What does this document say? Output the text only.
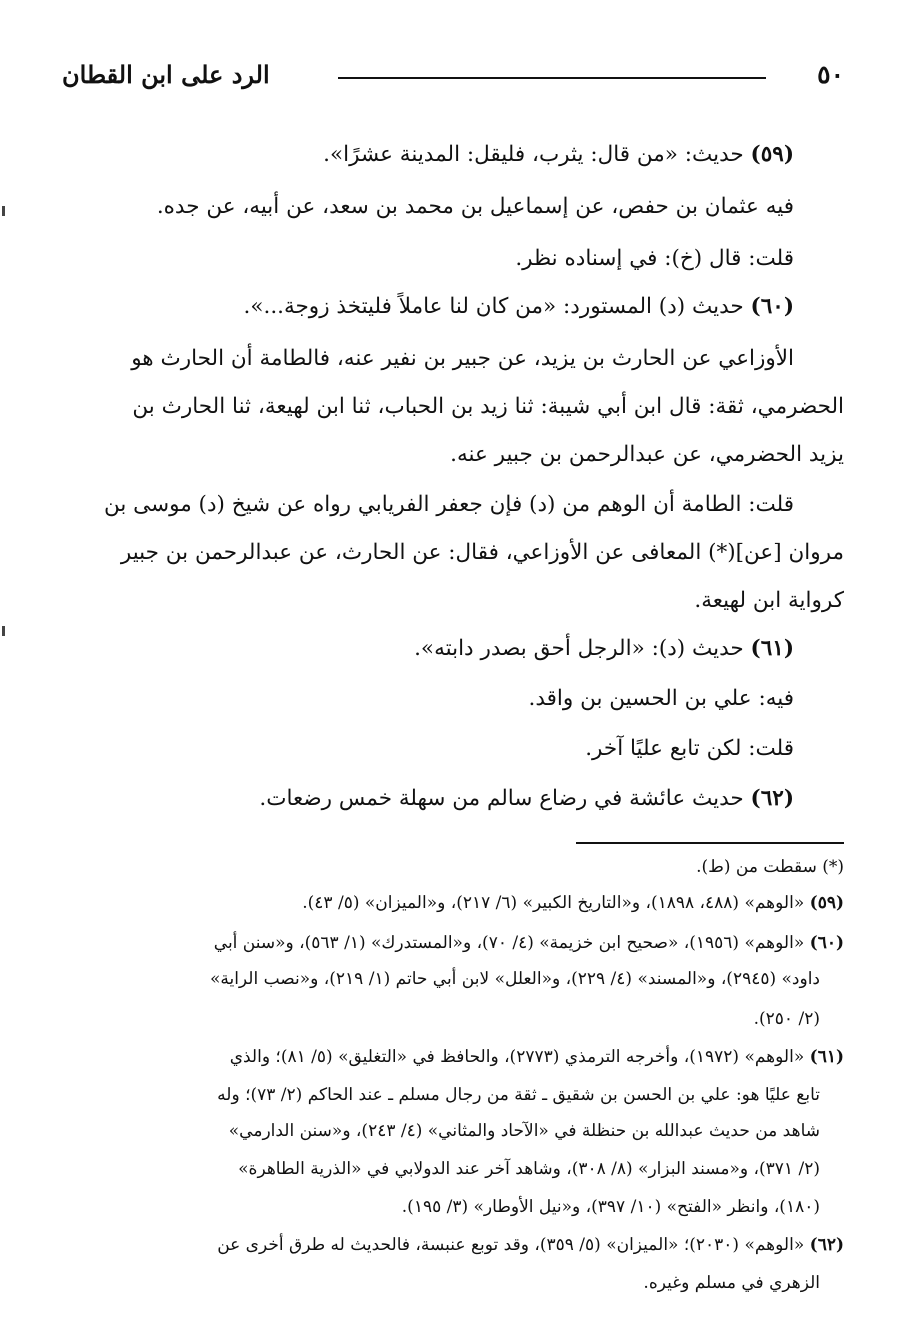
٥٠
الرد على ابن القطان
(٥٩) حديث: «من قال: يثرب، فليقل: المدينة عشرًا».
فيه عثمان بن حفص، عن إسماعيل بن محمد بن سعد، عن أبيه، عن جده.
قلت: قال (خ): في إسناده نظر.
(٦٠) حديث (د) المستورد: «من كان لنا عاملاً فليتخذ زوجة...».
الأوزاعي عن الحارث بن يزيد، عن جبير بن نفير عنه، فالطامة أن الحارث هو
الحضرمي، ثقة: قال ابن أبي شيبة: ثنا زيد بن الحباب، ثنا ابن لهيعة، ثنا الحارث بن
يزيد الحضرمي، عن عبدالرحمن بن جبير عنه.
قلت: الطامة أن الوهم من (د) فإن جعفر الفريابي رواه عن شيخ (د) موسى بن
مروان [عن](*) المعافى عن الأوزاعي، فقال: عن الحارث، عن عبدالرحمن بن جبير
كرواية ابن لهيعة.
(٦١) حديث (د): «الرجل أحق بصدر دابته».
فيه: علي بن الحسين بن واقد.
قلت: لكن تابع عليًا آخر.
(٦٢) حديث عائشة في رضاع سالم من سهلة خمس رضعات.
(*) سقطت من (ط).
(٥٩) «الوهم» (٤٨٨، ١٨٩٨)، و«التاريخ الكبير» (٦/ ٢١٧)، و«الميزان» (٥/ ٤٣).
(٦٠) «الوهم» (١٩٥٦)، «صحيح ابن خزيمة» (٤/ ٧٠)، و«المستدرك» (١/ ٥٦٣)، و«سنن أبي
داود» (٢٩٤٥)، و«المسند» (٤/ ٢٢٩)، و«العلل» لابن أبي حاتم (١/ ٢١٩)، و«نصب الراية»
(٢/ ٢٥٠).
(٦١) «الوهم» (١٩٧٢)، وأخرجه الترمذي (٢٧٧٣)، والحافظ في «التغليق» (٥/ ٨١)؛ والذي
تابع عليًا هو: علي بن الحسن بن شقيق ـ ثقة من رجال مسلم ـ عند الحاكم (٢/ ٧٣)؛ وله
شاهد من حديث عبدالله بن حنظلة في «الآحاد والمثاني» (٤/ ٢٤٣)، و«سنن الدارمي»
(٢/ ٣٧١)، و«مسند البزار» (٨/ ٣٠٨)، وشاهد آخر عند الدولابي في «الذرية الطاهرة»
(١٨٠)، وانظر «الفتح» (١٠/ ٣٩٧)، و«نيل الأوطار» (٣/ ١٩٥).
(٦٢) «الوهم» (٢٠٣٠)؛ «الميزان» (٥/ ٣٥٩)، وقد توبع عنبسة، فالحديث له طرق أخرى عن
الزهري في مسلم وغيره.
